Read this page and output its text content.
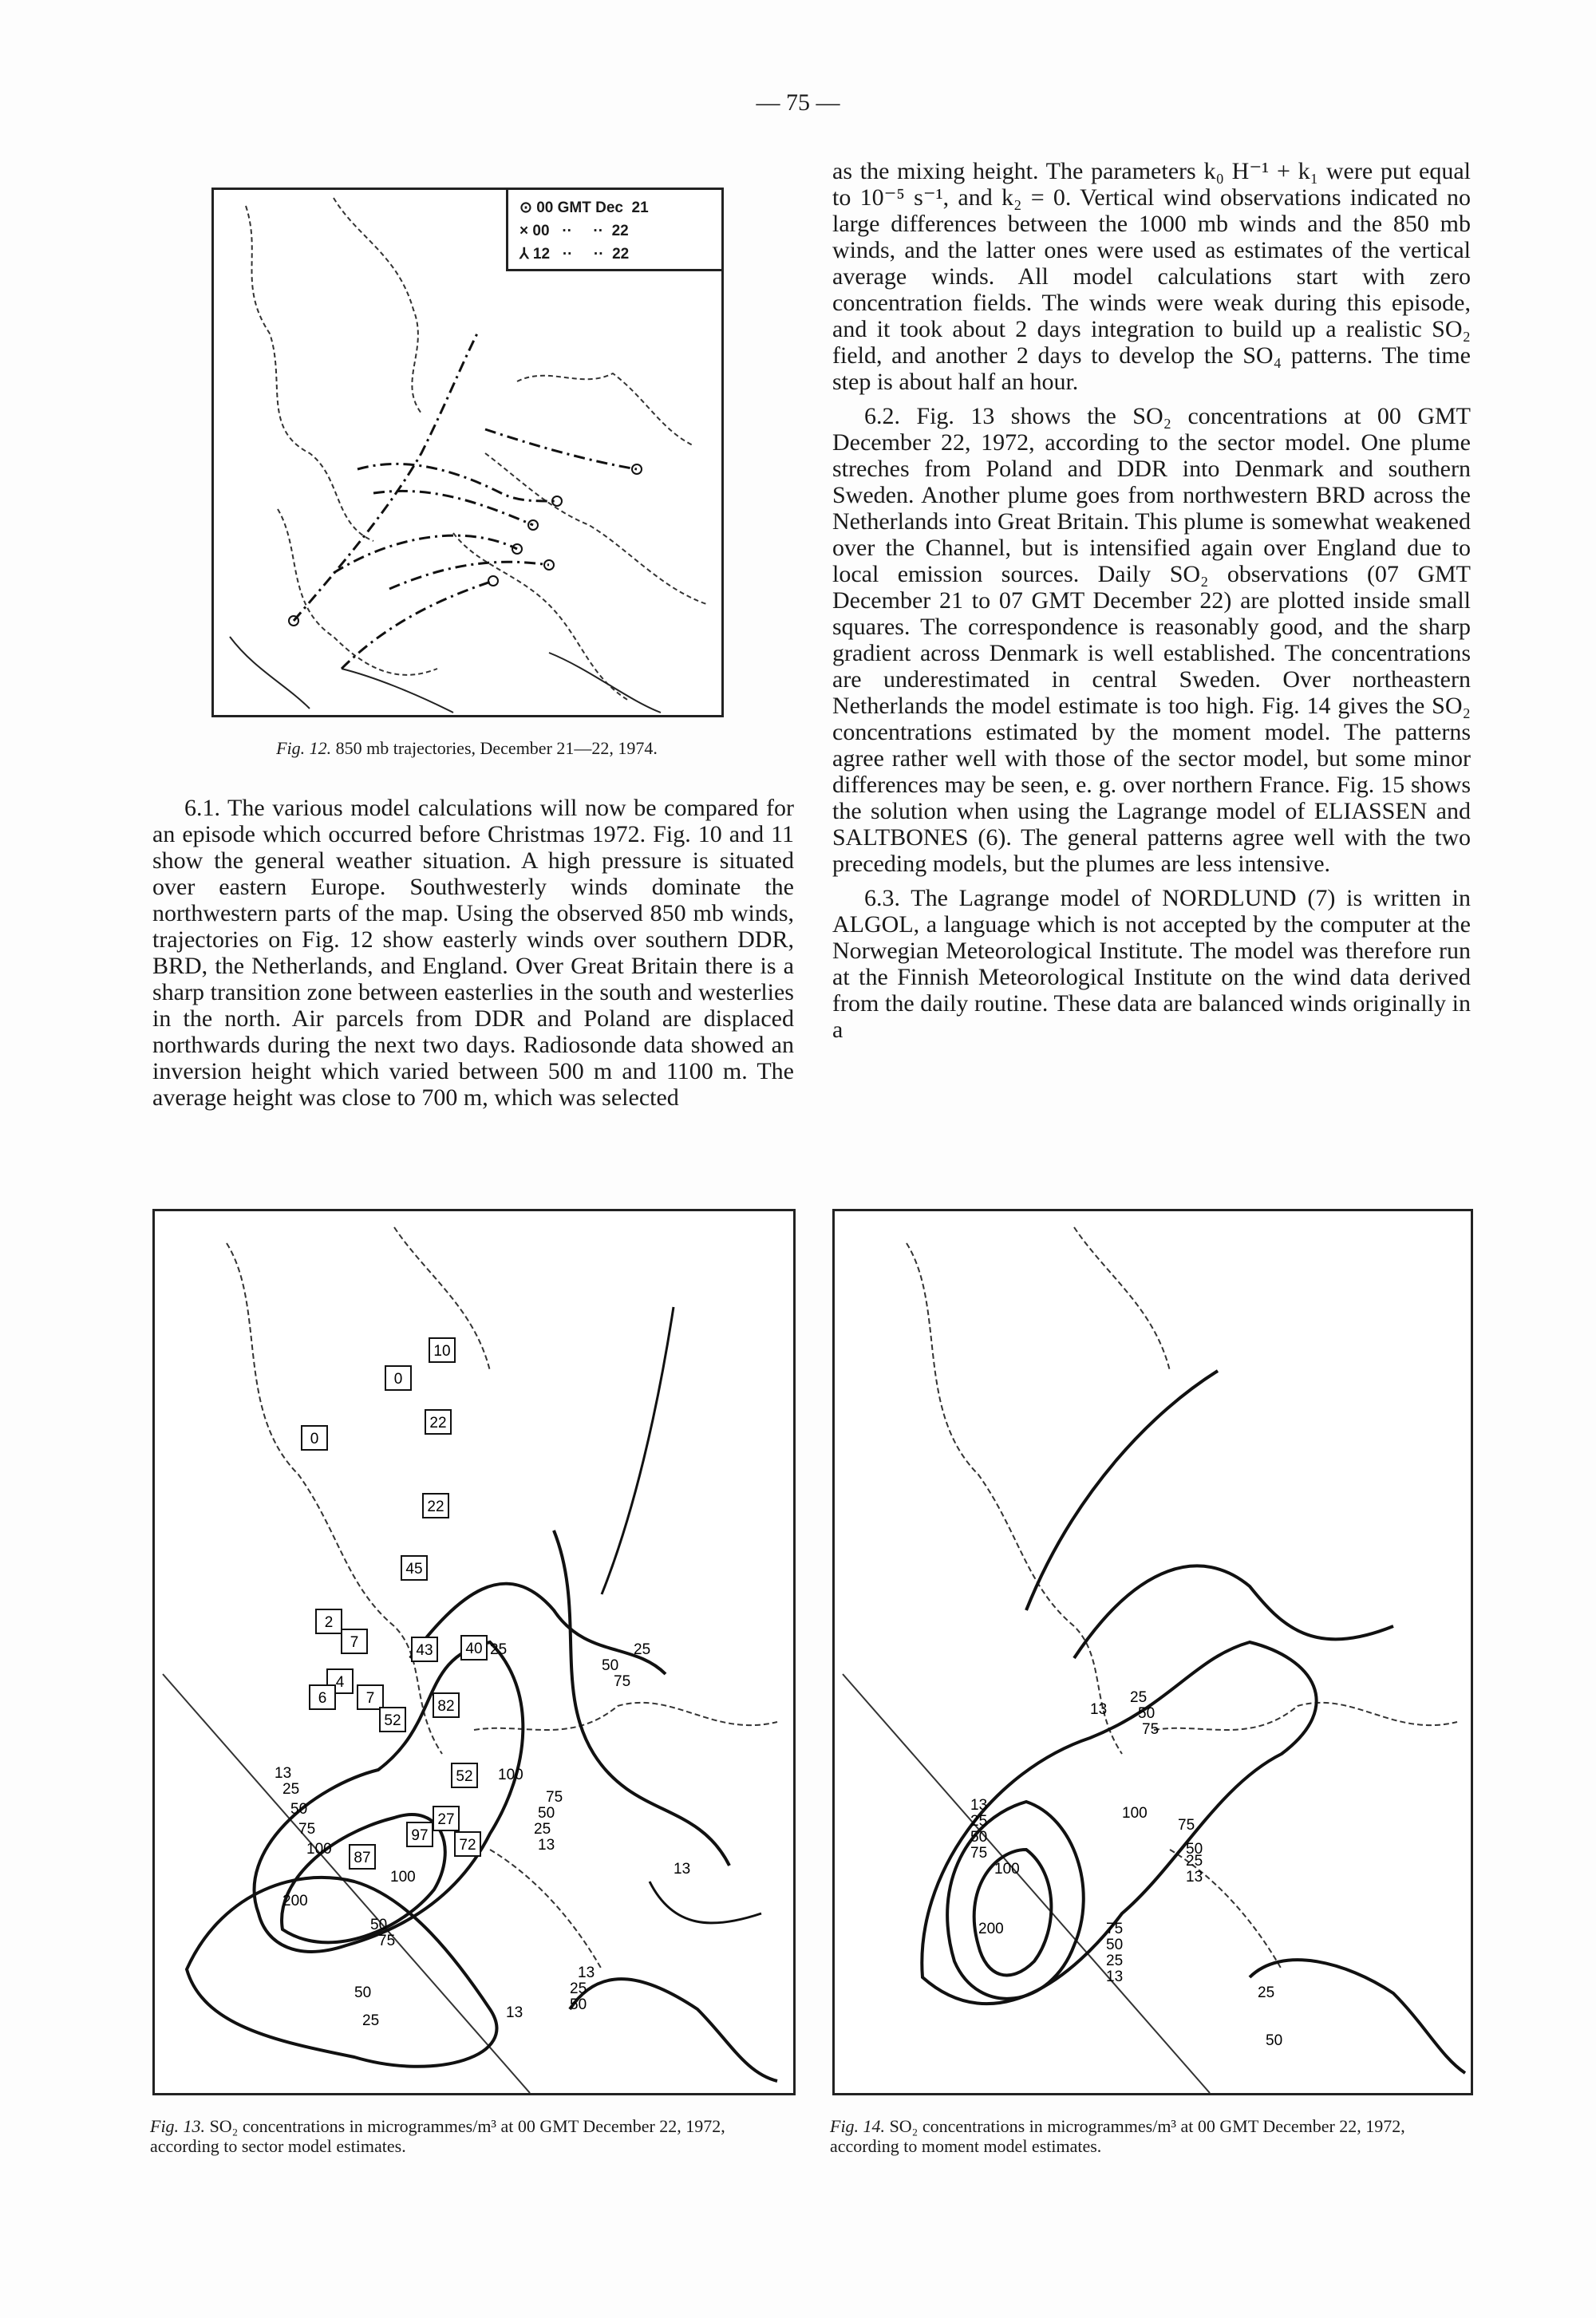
— 75 —
⊙ 00 GMT Dec  21
× 00   ··     ··  22
⅄ 12   ··     ··  22
Fig. 12. 850 mb trajectories, December 21—22, 1974.

6.1. The various model calculations will now be compared for an episode which occurred before Christmas 1972. Fig. 10 and 11 show the general weather situation. A high pressure is situated over eastern Europe. Southwesterly winds dominate the northwestern parts of the map. Using the observed 850 mb winds, trajectories on Fig. 12 show easterly winds over southern DDR, BRD, the Netherlands, and England. Over Great Britain there is a sharp transition zone between easterlies in the south and westerlies in the north. Air parcels from DDR and Poland are displaced northwards during the next two days. Radiosonde data showed an inversion height which varied between 500 m and 1100 m. The average height was close to 700 m, which was selected

as the mixing height. The parameters k₀ H⁻¹ + k₁ were put equal to 10⁻⁵ s⁻¹, and k₂ = 0. Vertical wind observations indicated no large differences between the 1000 mb winds and the 850 mb winds, and the latter ones were used as estimates of the vertical average winds. All model calculations start with zero concentration fields. The winds were weak during this episode, and it took about 2 days integration to build up a realistic SO₂ field, and another 2 days to develop the SO₄ patterns. The time step is about half an hour.

6.2. Fig. 13 shows the SO₂ concentrations at 00 GMT December 22, 1972, according to the sector model. One plume streches from Poland and DDR into Denmark and southern Sweden. Another plume goes from northwestern BRD across the Netherlands into Great Britain. This plume is somewhat weakened over the Channel, but is intensified again over England due to local emission sources. Daily SO₂ observations (07 GMT December 21 to 07 GMT December 22) are plotted inside small squares. The correspondence is reasonably good, and the sharp gradient across Denmark is well established. The concentrations are underestimated in central Sweden. Over northeastern Netherlands the model estimate is too high. Fig. 14 gives the SO₂ concentrations estimated by the moment model. The patterns agree rather well with those of the sector model, but some minor differences may be seen, e. g. over northern France. Fig. 15 shows the solution when using the Lagrange model of ELIASSEN and SALTBONES (6). The general patterns agree well with the two preceding models, but the plumes are less intensive.

6.3. The Lagrange model of NORDLUND (7) is written in ALGOL, a language which is not accepted by the computer at the Norwegian Meteorological Institute. The model was therefore run at the Finnish Meteorological Institute on the wind data derived from the daily routine. These data are balanced winds originally in a

10
0
22
0
22
45
2
7	43 40
4
6	7
52
82
52
27
97
72
87
25	25
50
75
13
25
50
75
100
100
75
50
25
13
200
50
75
100
50
25	13
13
25
50
13
Fig. 13. SO₂ concentrations in microgrammes/m³ at 00 GMT December 22, 1972, according to sector model estimates.
13
25
50
75
100
75
50
25
13
13
25
50
75
100
200	75
50
25
13
25
50
Fig. 14. SO₂ concentrations in microgrammes/m³ at 00 GMT December 22, 1972, according to moment model estimates.
